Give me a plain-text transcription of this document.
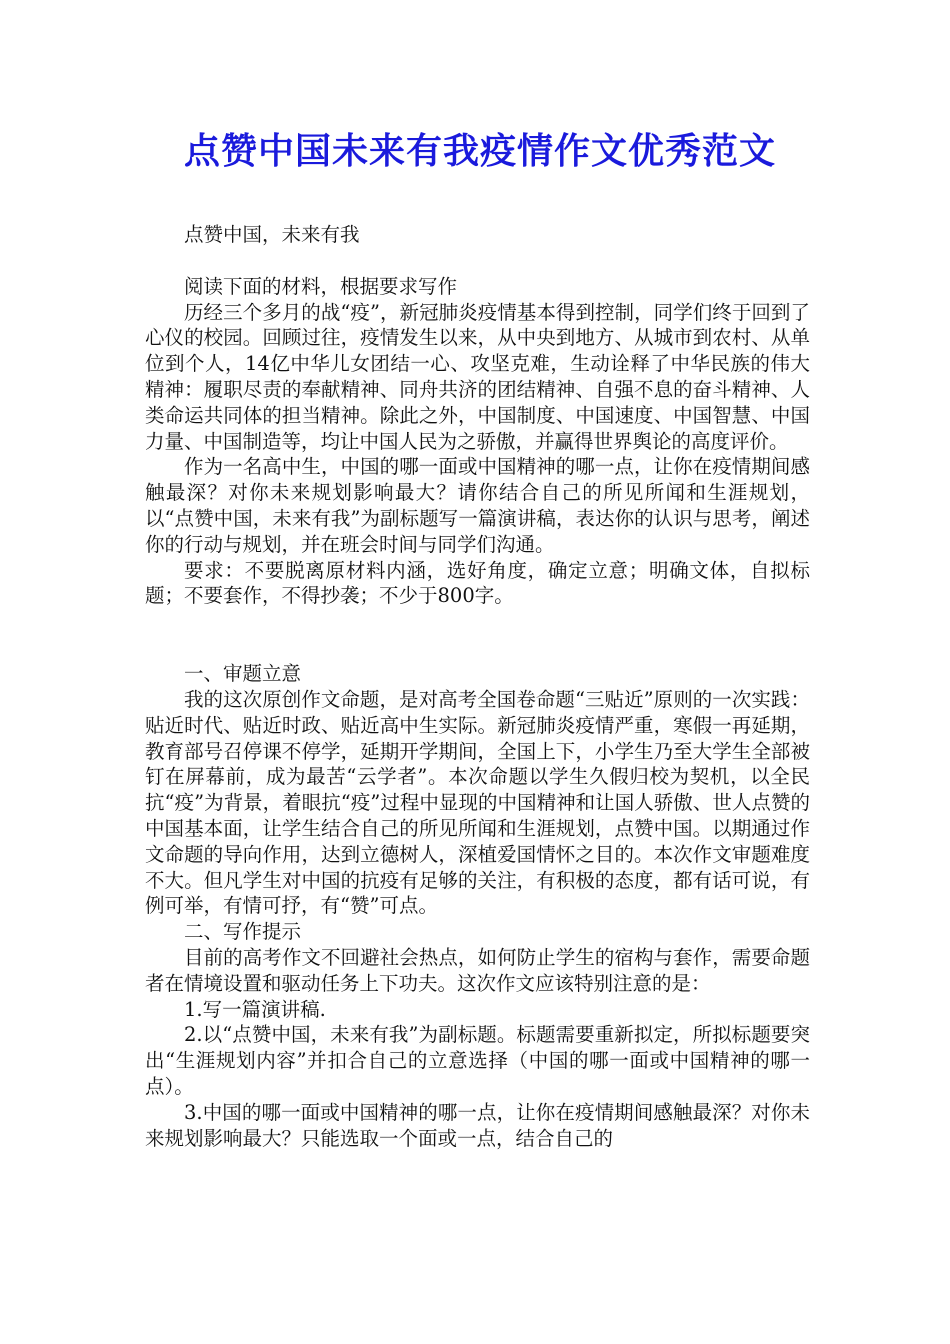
点赞中国未来有我疫情作文优秀范文

点赞中国，未来有我

阅读下面的材料，根据要求写作

历经三个多月的战“疫”，新冠肺炎疫情基本得到控制，同学们终于回到了心仪的校园。回顾过往，疫情发生以来，从中央到地方、从城市到农村、从单位到个人，14亿中华儿女团结一心、攻坚克难，生动诠释了中华民族的伟大精神：履职尽责的奉献精神、同舟共济的团结精神、自强不息的奋斗精神、人类命运共同体的担当精神。除此之外，中国制度、中国速度、中国智慧、中国力量、中国制造等，均让中国人民为之骄傲，并赢得世界舆论的高度评价。

作为一名高中生，中国的哪一面或中国精神的哪一点，让你在疫情期间感触最深？对你未来规划影响最大？请你结合自己的所见所闻和生涯规划，以“点赞中国，未来有我”为副标题写一篇演讲稿，表达你的认识与思考，阐述你的行动与规划，并在班会时间与同学们沟通。

要求：不要脱离原材料内涵，选好角度，确定立意；明确文体，自拟标题；不要套作，不得抄袭；不少于800字。

一、审题立意

我的这次原创作文命题，是对高考全国卷命题“三贴近”原则的一次实践：贴近时代、贴近时政、贴近高中生实际。新冠肺炎疫情严重，寒假一再延期，教育部号召停课不停学，延期开学期间，全国上下，小学生乃至大学生全部被钉在屏幕前，成为最苦“云学者”。本次命题以学生久假归校为契机，以全民抗“疫”为背景，着眼抗“疫”过程中显现的中国精神和让国人骄傲、世人点赞的中国基本面，让学生结合自己的所见所闻和生涯规划，点赞中国。以期通过作文命题的导向作用，达到立德树人，深植爱国情怀之目的。本次作文审题难度不大。但凡学生对中国的抗疫有足够的关注，有积极的态度，都有话可说，有例可举，有情可抒，有“赞”可点。

二、写作提示

目前的高考作文不回避社会热点，如何防止学生的宿构与套作，需要命题者在情境设置和驱动任务上下功夫。这次作文应该特别注意的是：

1.写一篇演讲稿.

2.以“点赞中国，未来有我”为副标题。标题需要重新拟定，所拟标题要突出“生涯规划内容”并扣合自己的立意选择（中国的哪一面或中国精神的哪一点）。

3.中国的哪一面或中国精神的哪一点，让你在疫情期间感触最深？对你未来规划影响最大？只能选取一个面或一点，结合自己的
